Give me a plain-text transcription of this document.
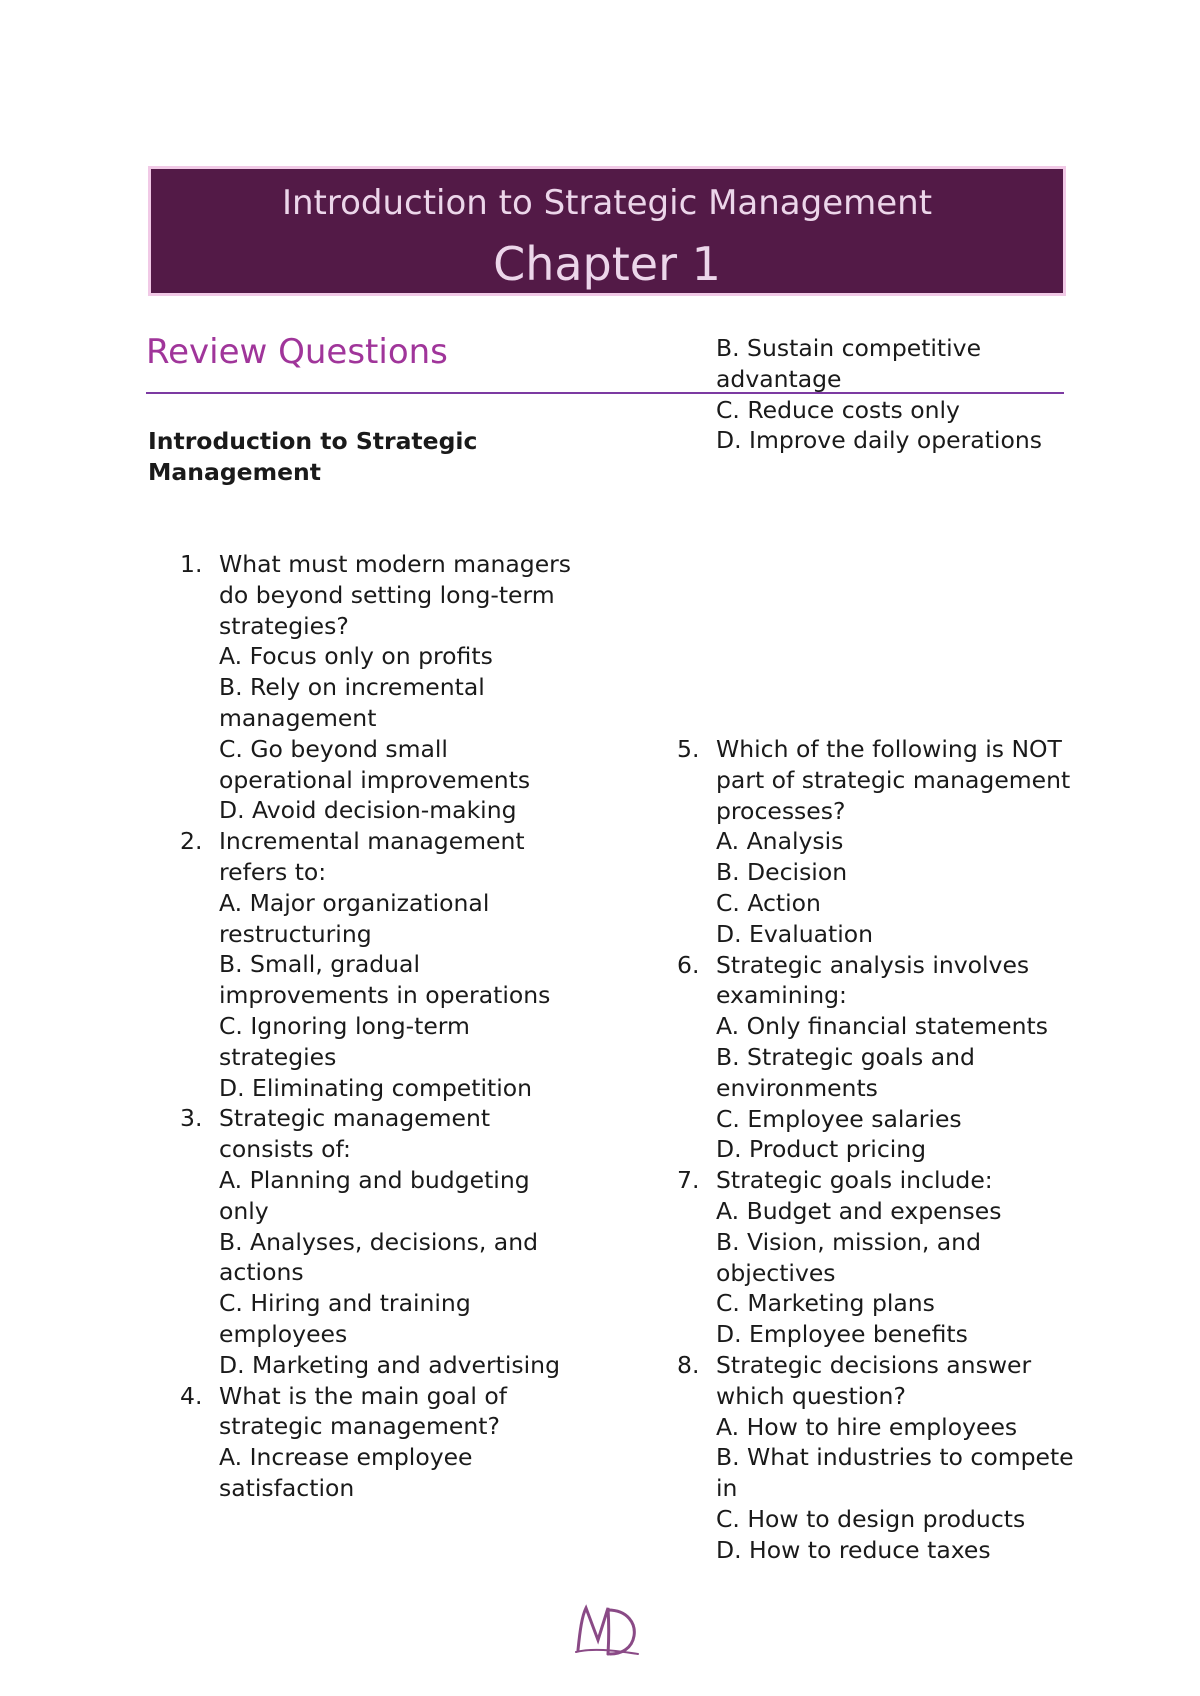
Introduction to Strategic Management
Chapter 1
Review Questions
Introduction to Strategic Management
B. Sustain competitive advantage
C. Reduce costs only
D. Improve daily operations
1. What must modern managers do beyond setting long-term strategies?
A. Focus only on profits
B. Rely on incremental management
C. Go beyond small operational improvements
D. Avoid decision-making
2. Incremental management refers to:
A. Major organizational restructuring
B. Small, gradual improvements in operations
C. Ignoring long-term strategies
D. Eliminating competition
3. Strategic management consists of:
A. Planning and budgeting only
B. Analyses, decisions, and actions
C. Hiring and training employees
D. Marketing and advertising
4. What is the main goal of strategic management?
A. Increase employee satisfaction
5. Which of the following is NOT part of strategic management processes?
A. Analysis
B. Decision
C. Action
D. Evaluation
6. Strategic analysis involves examining:
A. Only financial statements
B. Strategic goals and environments
C. Employee salaries
D. Product pricing
7. Strategic goals include:
A. Budget and expenses
B. Vision, mission, and objectives
C. Marketing plans
D. Employee benefits
8. Strategic decisions answer which question?
A. How to hire employees
B. What industries to compete in
C. How to design products
D. How to reduce taxes
